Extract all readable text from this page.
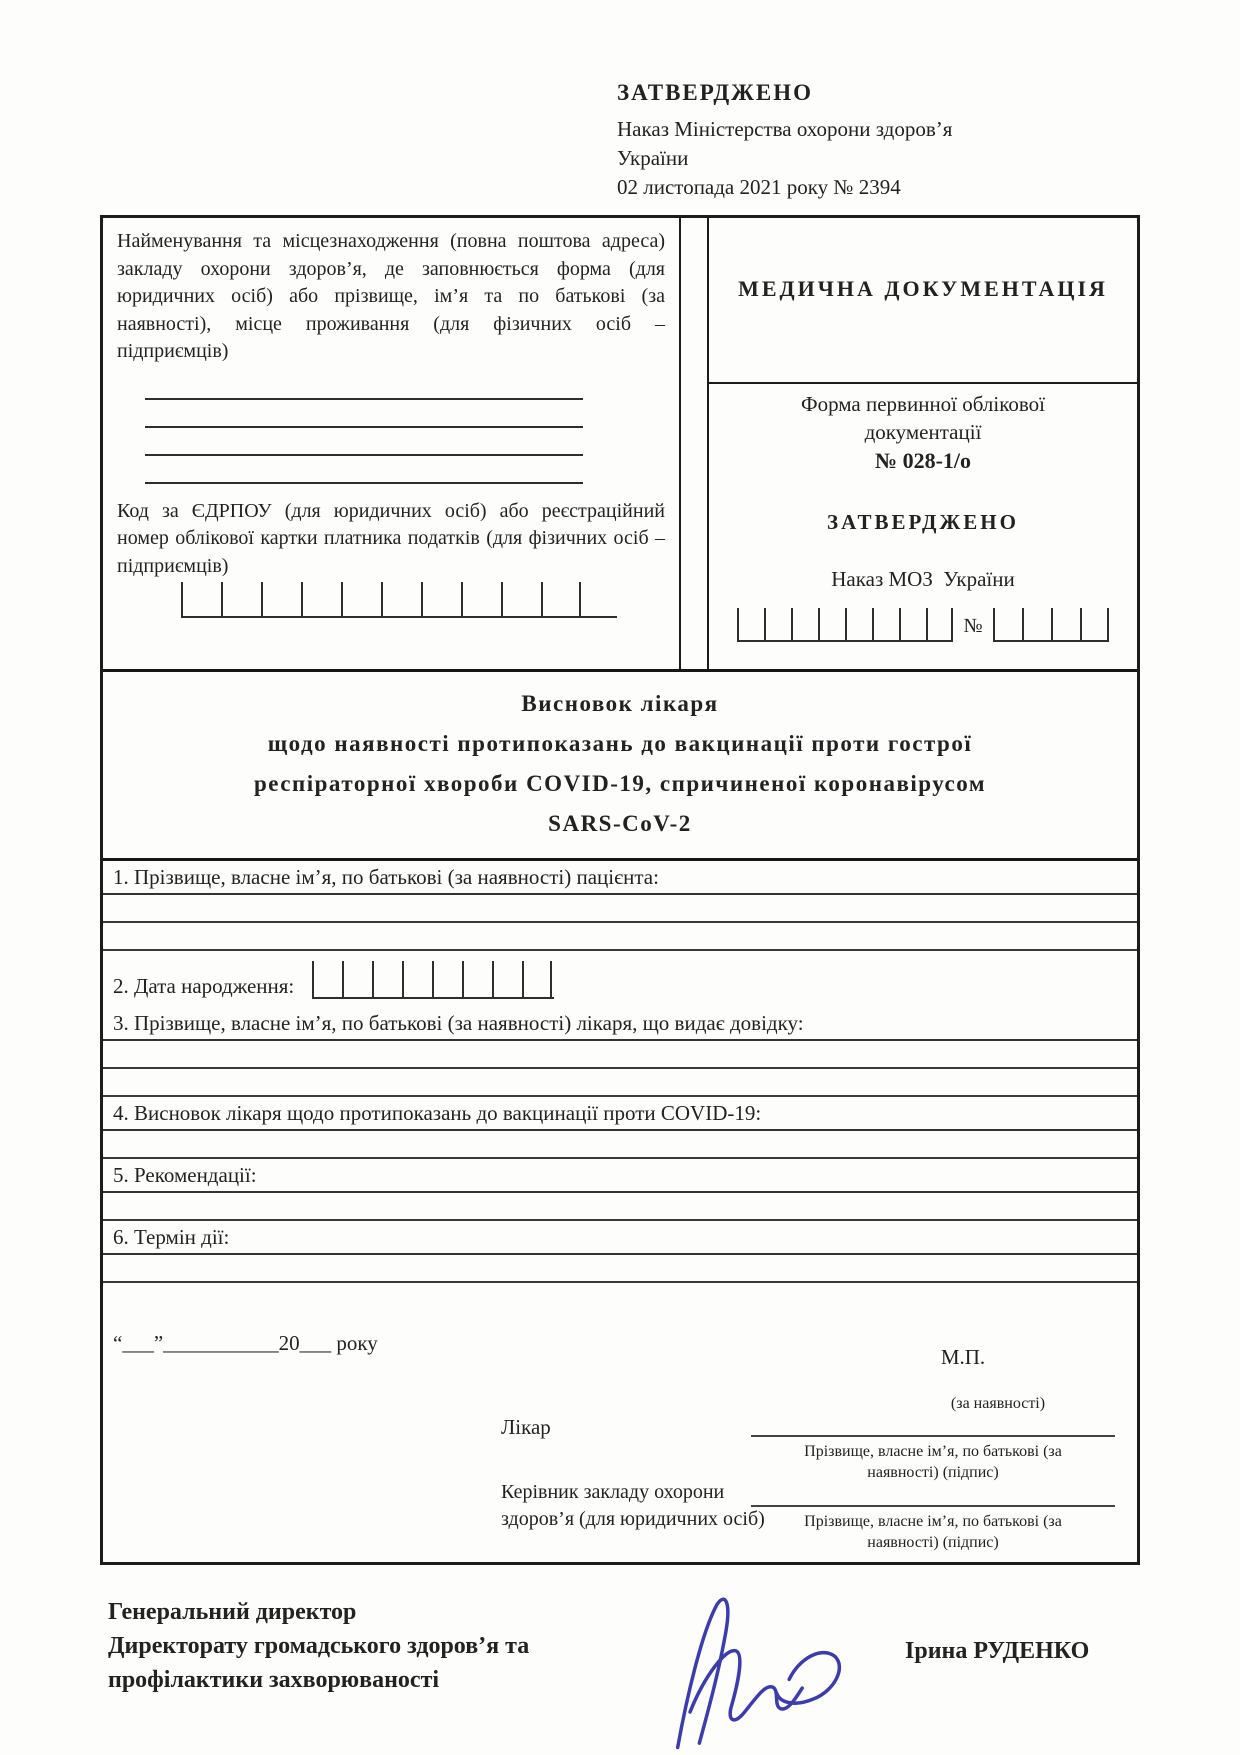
ЗАТВЕРДЖЕНО
Наказ Міністерства охорони здоров’я
України
02 листопада 2021 року № 2394
Найменування та місцезнаходження (повна поштова адреса) закладу охорони здоров’я, де заповнюється форма (для юридичних осіб) або прізвище, ім’я та по батькові (за наявності), місце проживання (для фізичних осіб – підприємців)
Код за ЄДРПОУ (для юридичних осіб) або реєстраційний номер облікової картки платника податків (для фізичних осіб – підприємців)
МЕДИЧНА ДОКУМЕНТАЦІЯ
Форма первинної облікової
документації
№ 028-1/о
ЗАТВЕРДЖЕНО
Наказ МОЗ  України
№
Висновок лікаря
щодо наявності протипоказань до вакцинації проти гострої
респіраторної хвороби COVID-19, спричиненої коронавірусом
SARS-CoV-2
1. Прізвище, власне ім’я, по батькові (за наявності) пацієнта:
2. Дата народження:
3. Прізвище, власне ім’я, по батькові (за наявності) лікаря, що видає довідку:
4. Висновок лікаря щодо протипоказань до вакцинації проти COVID-19:
5. Рекомендації:
6. Термін дії:
“___”___________20___ року
М.П.
(за наявності)
Лікар
Прізвище, власне ім’я, по батькові (за наявності) (підпис)
Керівник закладу охорони здоров’я (для юридичних осіб)	Прізвище, власне ім’я, по батькові (за наявності) (підпис)
Генеральний директор
Директорату громадського здоров’я та
профілактики захворюваності
Ірина РУДЕНКО
